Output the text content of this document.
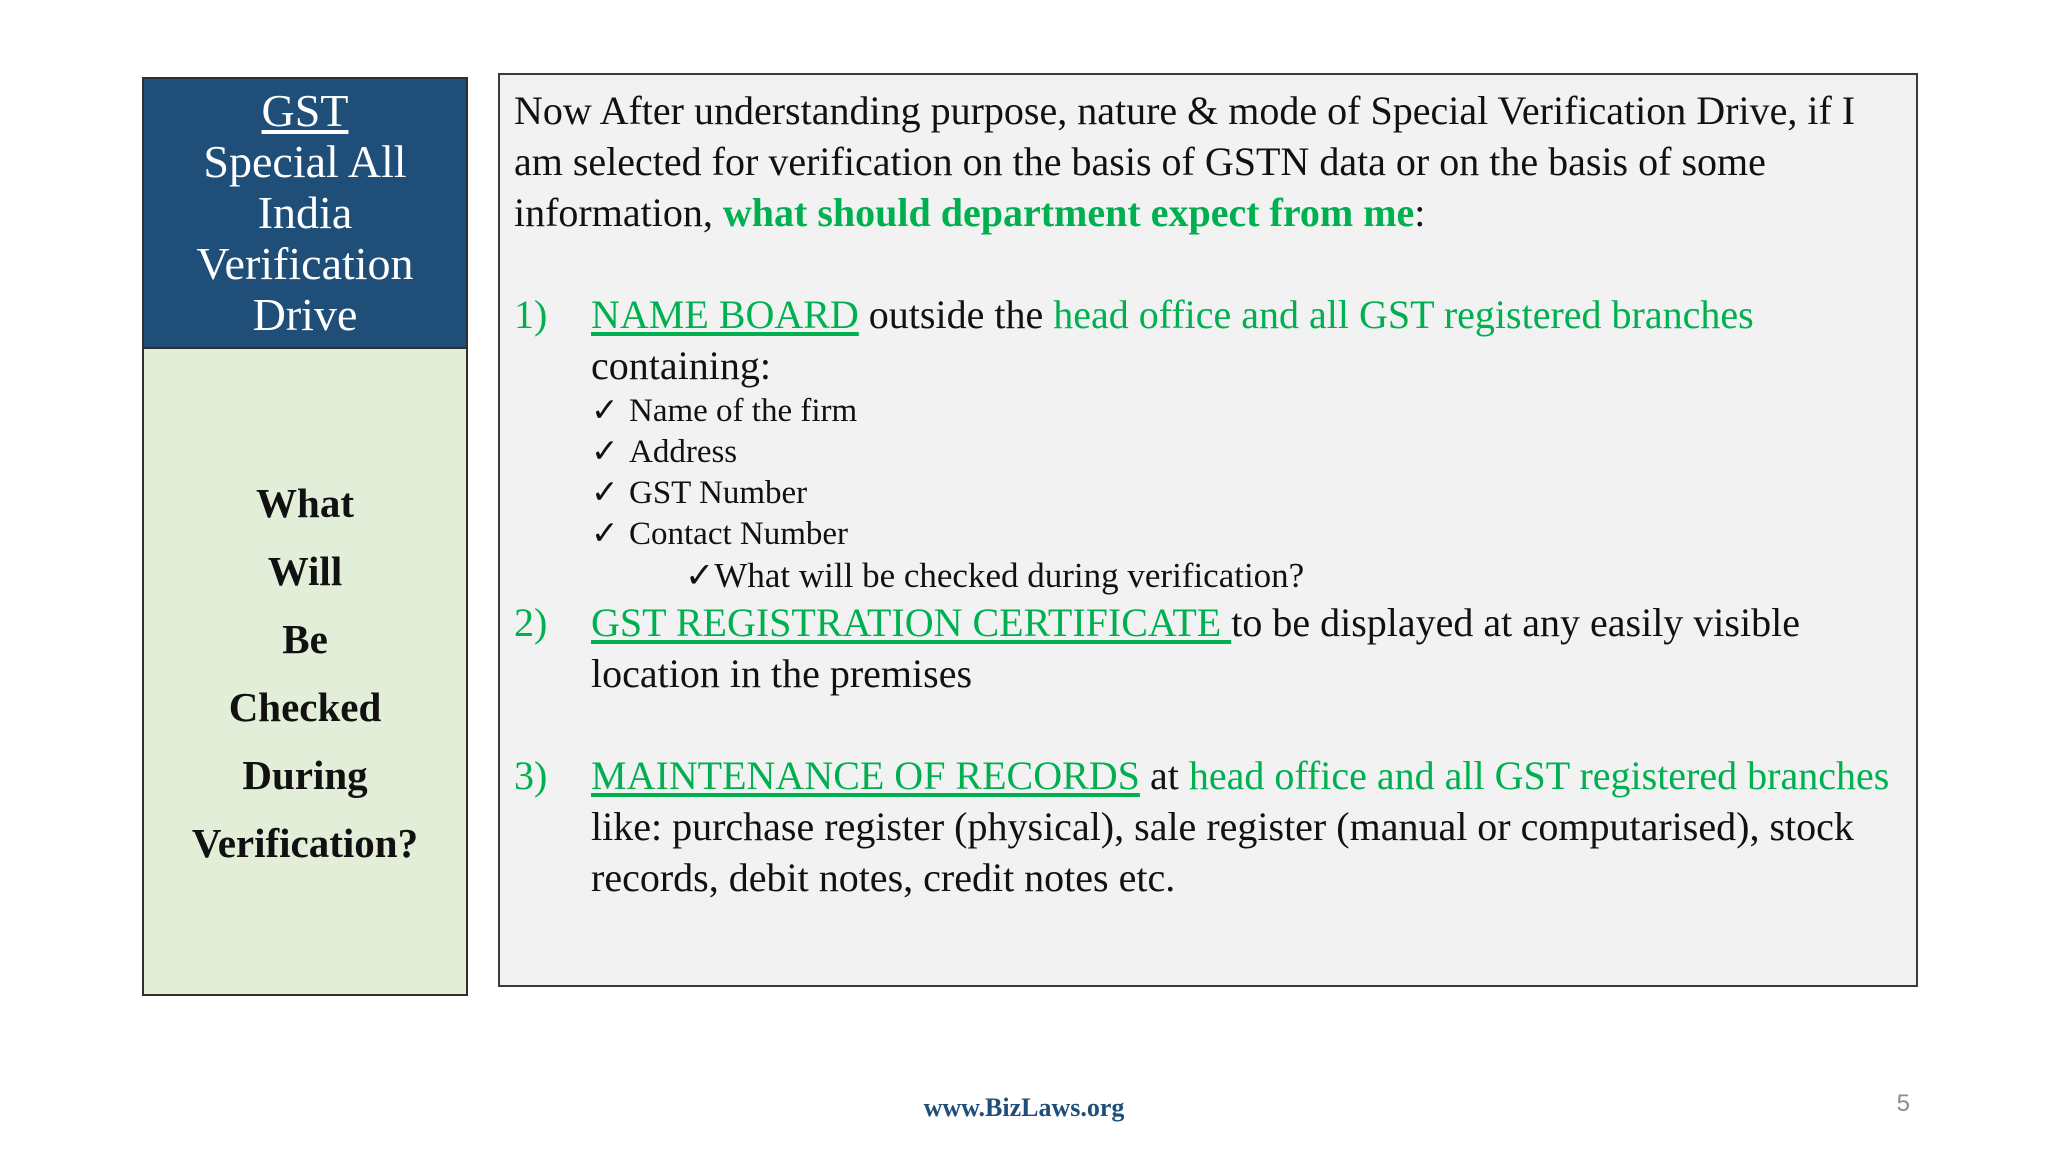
GST
Special All
India
Verification
Drive
What
Will
Be
Checked
During
Verification?

Now After understanding purpose, nature & mode of Special Verification Drive, if I am selected for verification on the basis of GSTN data or on the basis of some information, what should department expect from me:

1) NAME BOARD outside the head office and all GST registered branches containing:
✓ Name of the firm
✓ Address
✓ GST Number
✓ Contact Number
✓What will be checked during verification?
2) GST REGISTRATION CERTIFICATE to be displayed at any easily visible location in the premises
3) MAINTENANCE OF RECORDS at head office and all GST registered branches like: purchase register (physical), sale register (manual or computarised), stock records, debit notes, credit notes etc.
www.BizLaws.org	5
